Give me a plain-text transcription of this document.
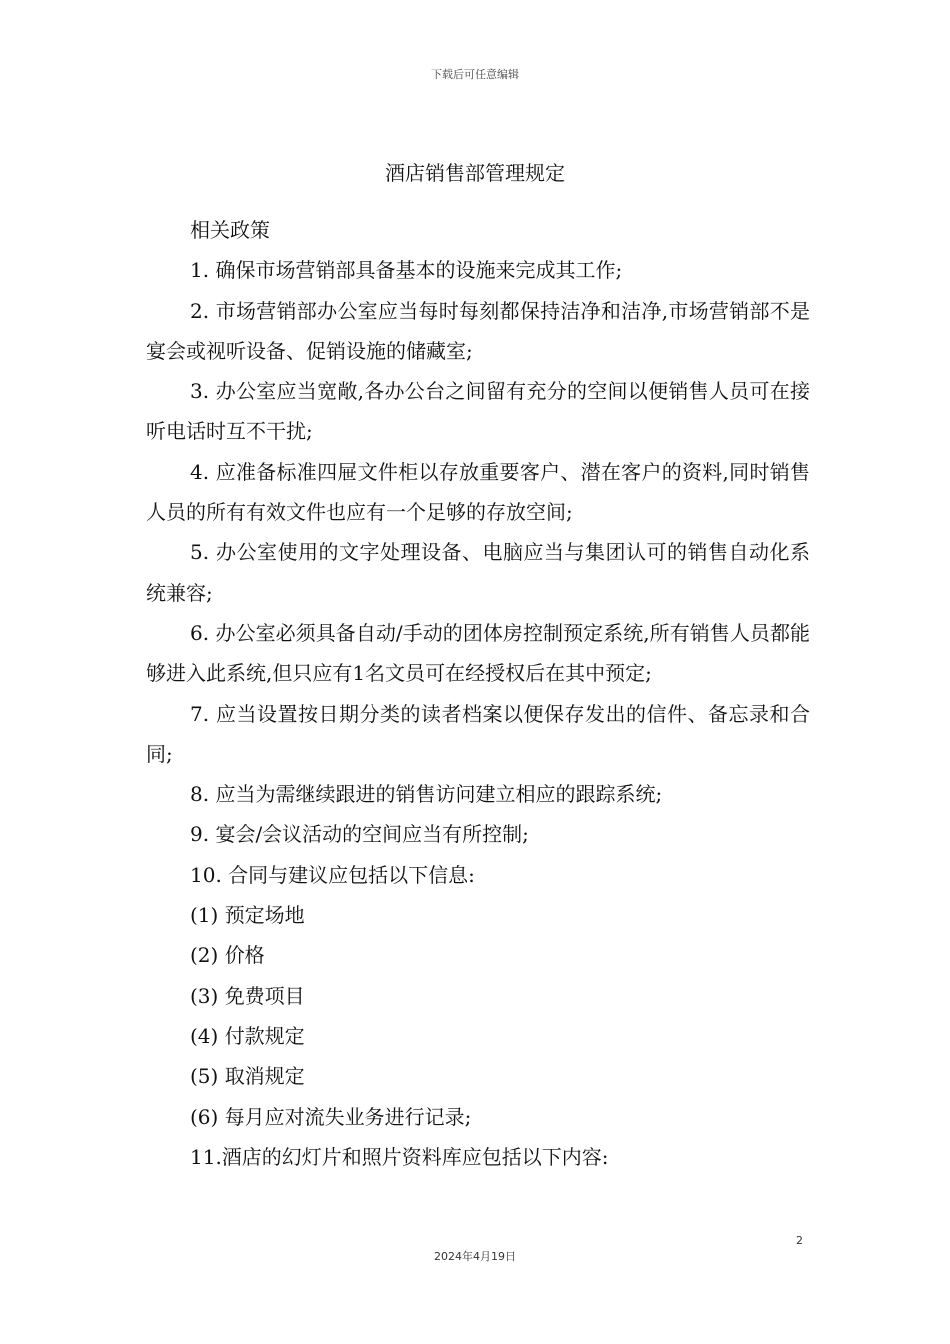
下载后可任意编辑
酒店销售部管理规定

相关政策

1. 确保市场营销部具备基本的设施来完成其工作;

2. 市场营销部办公室应当每时每刻都保持洁净和洁净,市场营销部不是宴会或视听设备、促销设施的储藏室;

3. 办公室应当宽敞,各办公台之间留有充分的空间以便销售人员可在接听电话时互不干扰;

4. 应准备标准四屉文件柜以存放重要客户、潜在客户的资料,同时销售人员的所有有效文件也应有一个足够的存放空间;

5. 办公室使用的文字处理设备、电脑应当与集团认可的销售自动化系统兼容;

6. 办公室必须具备自动/手动的团体房控制预定系统,所有销售人员都能够进入此系统,但只应有1名文员可在经授权后在其中预定;

7. 应当设置按日期分类的读者档案以便保存发出的信件、备忘录和合同;

8. 应当为需继续跟进的销售访问建立相应的跟踪系统;

9. 宴会/会议活动的空间应当有所控制;

10. 合同与建议应包括以下信息:

(1) 预定场地

(2) 价格

(3) 免费项目

(4) 付款规定

(5) 取消规定

(6) 每月应对流失业务进行记录;

11.酒店的幻灯片和照片资料库应包括以下内容:

2
2024年4月19日
